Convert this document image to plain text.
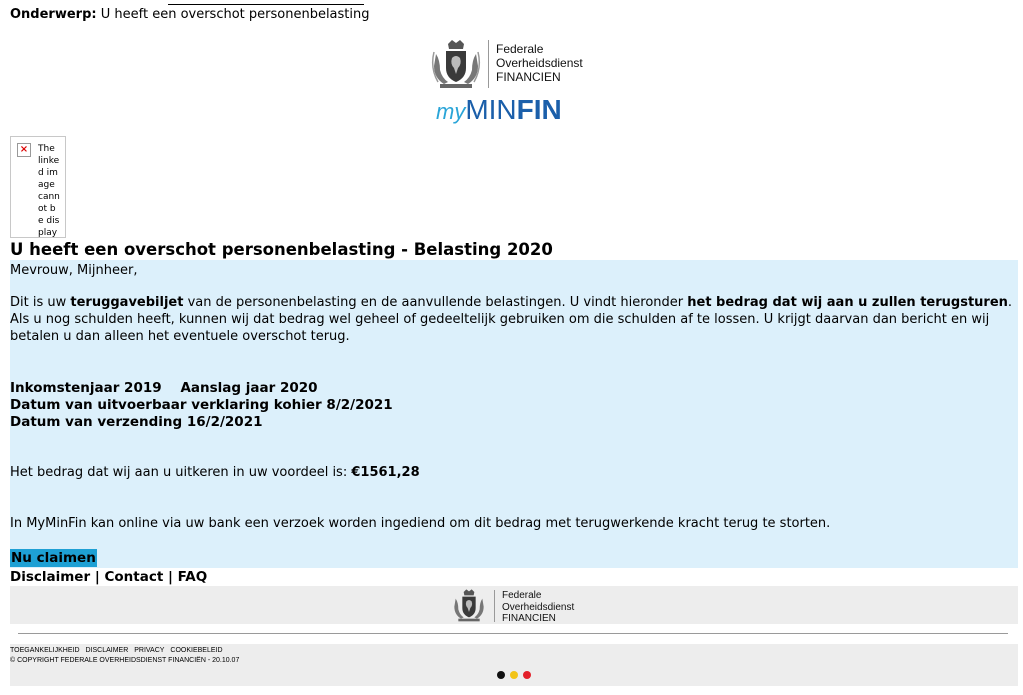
Onderwerp: U heeft een overschot personenbelasting
Federale
Overheidsdienst
FINANCIEN
myMINFIN
×	The linked image cannot be display
U heeft een overschot personenbelasting - Belasting 2020
Mevrouw, Mijnheer,
Dit is uw teruggavebiljet van de personenbelasting en de aanvullende belastingen. U vindt hieronder het bedrag dat wij aan u zullen terugsturen. Als u nog schulden heeft, kunnen wij dat bedrag wel geheel of gedeeltelijk gebruiken om die schulden af te lossen. U krijgt daarvan dan bericht en wij betalen u dan alleen het eventuele overschot terug.
Inkomstenjaar 2019 Aanslag jaar 2020
Datum van uitvoerbaar verklaring kohier 8/2/2021
Datum van verzending 16/2/2021
Het bedrag dat wij aan u uitkeren in uw voordeel is: €1561,28
In MyMinFin kan online via uw bank een verzoek worden ingediend om dit bedrag met terugwerkende kracht terug te storten.
Nu claimen
Disclaimer | Contact | FAQ
Federale
Overheidsdienst
FINANCIEN
TOEGANKELIJKHEID DISCLAIMER PRIVACY COOKIEBELEID
© COPYRIGHT FEDERALE OVERHEIDSDIENST FINANCIËN - 20.10.07
